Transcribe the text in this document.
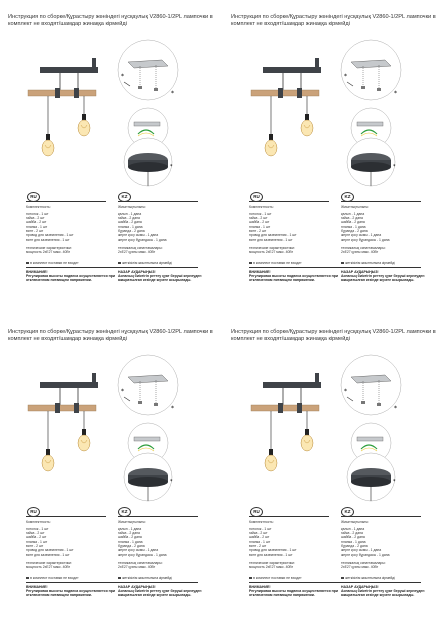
Инструкция по сборке/Құрастыру жөніндегі нұсқаулық V2860-1/2PL лампочки в комплект не входят/шамдар жинаққа кірмейді
*
*
*
RU	KZ
Комплектность:
потолок - 1 шт
гайка - 2 шт
шайба - 2 шт
планка - 1 шт
винт - 2 шт
провод для заземления - 1 шт
винт для заземления - 1 шт
технические характеристики:
мощность 2хE27 макс. 40Вт
Жиынтықтылығы:
қалып - 1 дана
гайка - 2 дана
шайба - 2 дана
планка - 1 дана
бұранда - 2 дана
жерге қосу сымы - 1 дана
жерге қосу бұрандасы - 1 дана
техникалық сипаттамалары:
2хЕ27 қуаты макс. 40Вт
в комплект поставки не входит	жеткізілім жиынтығына кірмейді
ВНИМАНИЕ!
Регулировка высоты подвеса осуществляется при отключенном питающем напряжении.
НАЗАР АУДАРЫҢЫЗ!
Аспаның биіктігін реттеу қуат беруші кернеуден ажыратылған кезінде жүзеге асырылады.
Инструкция по сборке/Құрастыру жөніндегі нұсқаулық V2860-1/2PL лампочки в комплект не входят/шамдар жинаққа кірмейді
*
*
*
RU	KZ
Комплектность:
потолок - 1 шт
гайка - 2 шт
шайба - 2 шт
планка - 1 шт
винт - 2 шт
провод для заземления - 1 шт
винт для заземления - 1 шт
технические характеристики:
мощность 2хE27 макс. 40Вт
Жиынтықтылығы:
қалып - 1 дана
гайка - 2 дана
шайба - 2 дана
планка - 1 дана
бұранда - 2 дана
жерге қосу сымы - 1 дана
жерге қосу бұрандасы - 1 дана
техникалық сипаттамалары:
2хЕ27 қуаты макс. 40Вт
в комплект поставки не входит	жеткізілім жиынтығына кірмейді
ВНИМАНИЕ!
Регулировка высоты подвеса осуществляется при отключенном питающем напряжении.
НАЗАР АУДАРЫҢЫЗ!
Аспаның биіктігін реттеу қуат беруші кернеуден ажыратылған кезінде жүзеге асырылады.
Инструкция по сборке/Құрастыру жөніндегі нұсқаулық V2860-1/2PL лампочки в комплект не входят/шамдар жинаққа кірмейді
*
*
*
RU	KZ
Комплектность:
потолок - 1 шт
гайка - 2 шт
шайба - 2 шт
планка - 1 шт
винт - 2 шт
провод для заземления - 1 шт
винт для заземления - 1 шт
технические характеристики:
мощность 2хE27 макс. 40Вт
Жиынтықтылығы:
қалып - 1 дана
гайка - 2 дана
шайба - 2 дана
планка - 1 дана
бұранда - 2 дана
жерге қосу сымы - 1 дана
жерге қосу бұрандасы - 1 дана
техникалық сипаттамалары:
2хЕ27 қуаты макс. 40Вт
в комплект поставки не входит	жеткізілім жиынтығына кірмейді
ВНИМАНИЕ!
Регулировка высоты подвеса осуществляется при отключенном питающем напряжении.
НАЗАР АУДАРЫҢЫЗ!
Аспаның биіктігін реттеу қуат беруші кернеуден ажыратылған кезінде жүзеге асырылады.
Инструкция по сборке/Құрастыру жөніндегі нұсқаулық V2860-1/2PL лампочки в комплект не входят/шамдар жинаққа кірмейді
*
*
*
RU	KZ
Комплектность:
потолок - 1 шт
гайка - 2 шт
шайба - 2 шт
планка - 1 шт
винт - 2 шт
провод для заземления - 1 шт
винт для заземления - 1 шт
технические характеристики:
мощность 2хE27 макс. 40Вт
Жиынтықтылығы:
қалып - 1 дана
гайка - 2 дана
шайба - 2 дана
планка - 1 дана
бұранда - 2 дана
жерге қосу сымы - 1 дана
жерге қосу бұрандасы - 1 дана
техникалық сипаттамалары:
2хЕ27 қуаты макс. 40Вт
в комплект поставки не входит	жеткізілім жиынтығына кірмейді
ВНИМАНИЕ!
Регулировка высоты подвеса осуществляется при отключенном питающем напряжении.
НАЗАР АУДАРЫҢЫЗ!
Аспаның биіктігін реттеу қуат беруші кернеуден ажыратылған кезінде жүзеге асырылады.
